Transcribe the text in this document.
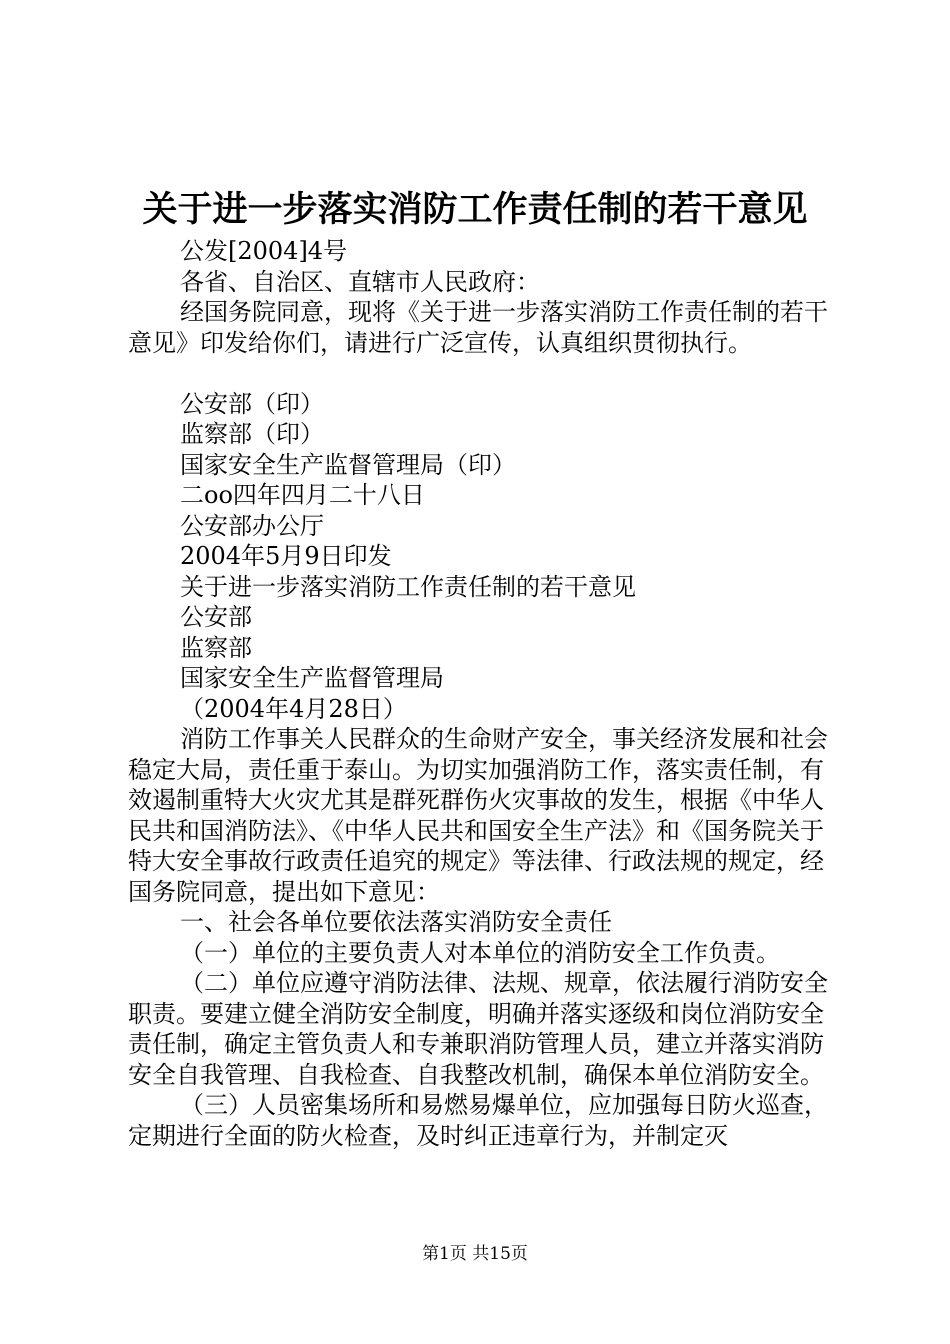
关于进一步落实消防工作责任制的若干意见

公发[2004]4号

各省、自治区、直辖市人民政府：

经国务院同意，现将《关于进一步落实消防工作责任制的若干意见》印发给你们，请进行广泛宣传，认真组织贯彻执行。

公安部（印）

监察部（印）

国家安全生产监督管理局（印）

二oo四年四月二十八日

公安部办公厅

2004年5月9日印发

关于进一步落实消防工作责任制的若干意见

公安部

监察部

国家安全生产监督管理局

（2004年4月28日）

消防工作事关人民群众的生命财产安全，事关经济发展和社会稳定大局，责任重于泰山。为切实加强消防工作，落实责任制，有效遏制重特大火灾尤其是群死群伤火灾事故的发生，根据《中华人民共和国消防法》、《中华人民共和国安全生产法》和《国务院关于特大安全事故行政责任追究的规定》等法律、行政法规的规定，经国务院同意，提出如下意见：

一、社会各单位要依法落实消防安全责任

（一）单位的主要负责人对本单位的消防安全工作负责。

（二）单位应遵守消防法律、法规、规章，依法履行消防安全职责。要建立健全消防安全制度，明确并落实逐级和岗位消防安全责任制，确定主管负责人和专兼职消防管理人员，建立并落实消防安全自我管理、自我检查、自我整改机制，确保本单位消防安全。

（三）人员密集场所和易燃易爆单位，应加强每日防火巡查，定期进行全面的防火检查，及时纠正违章行为，并制定灭

第1页 共15页
